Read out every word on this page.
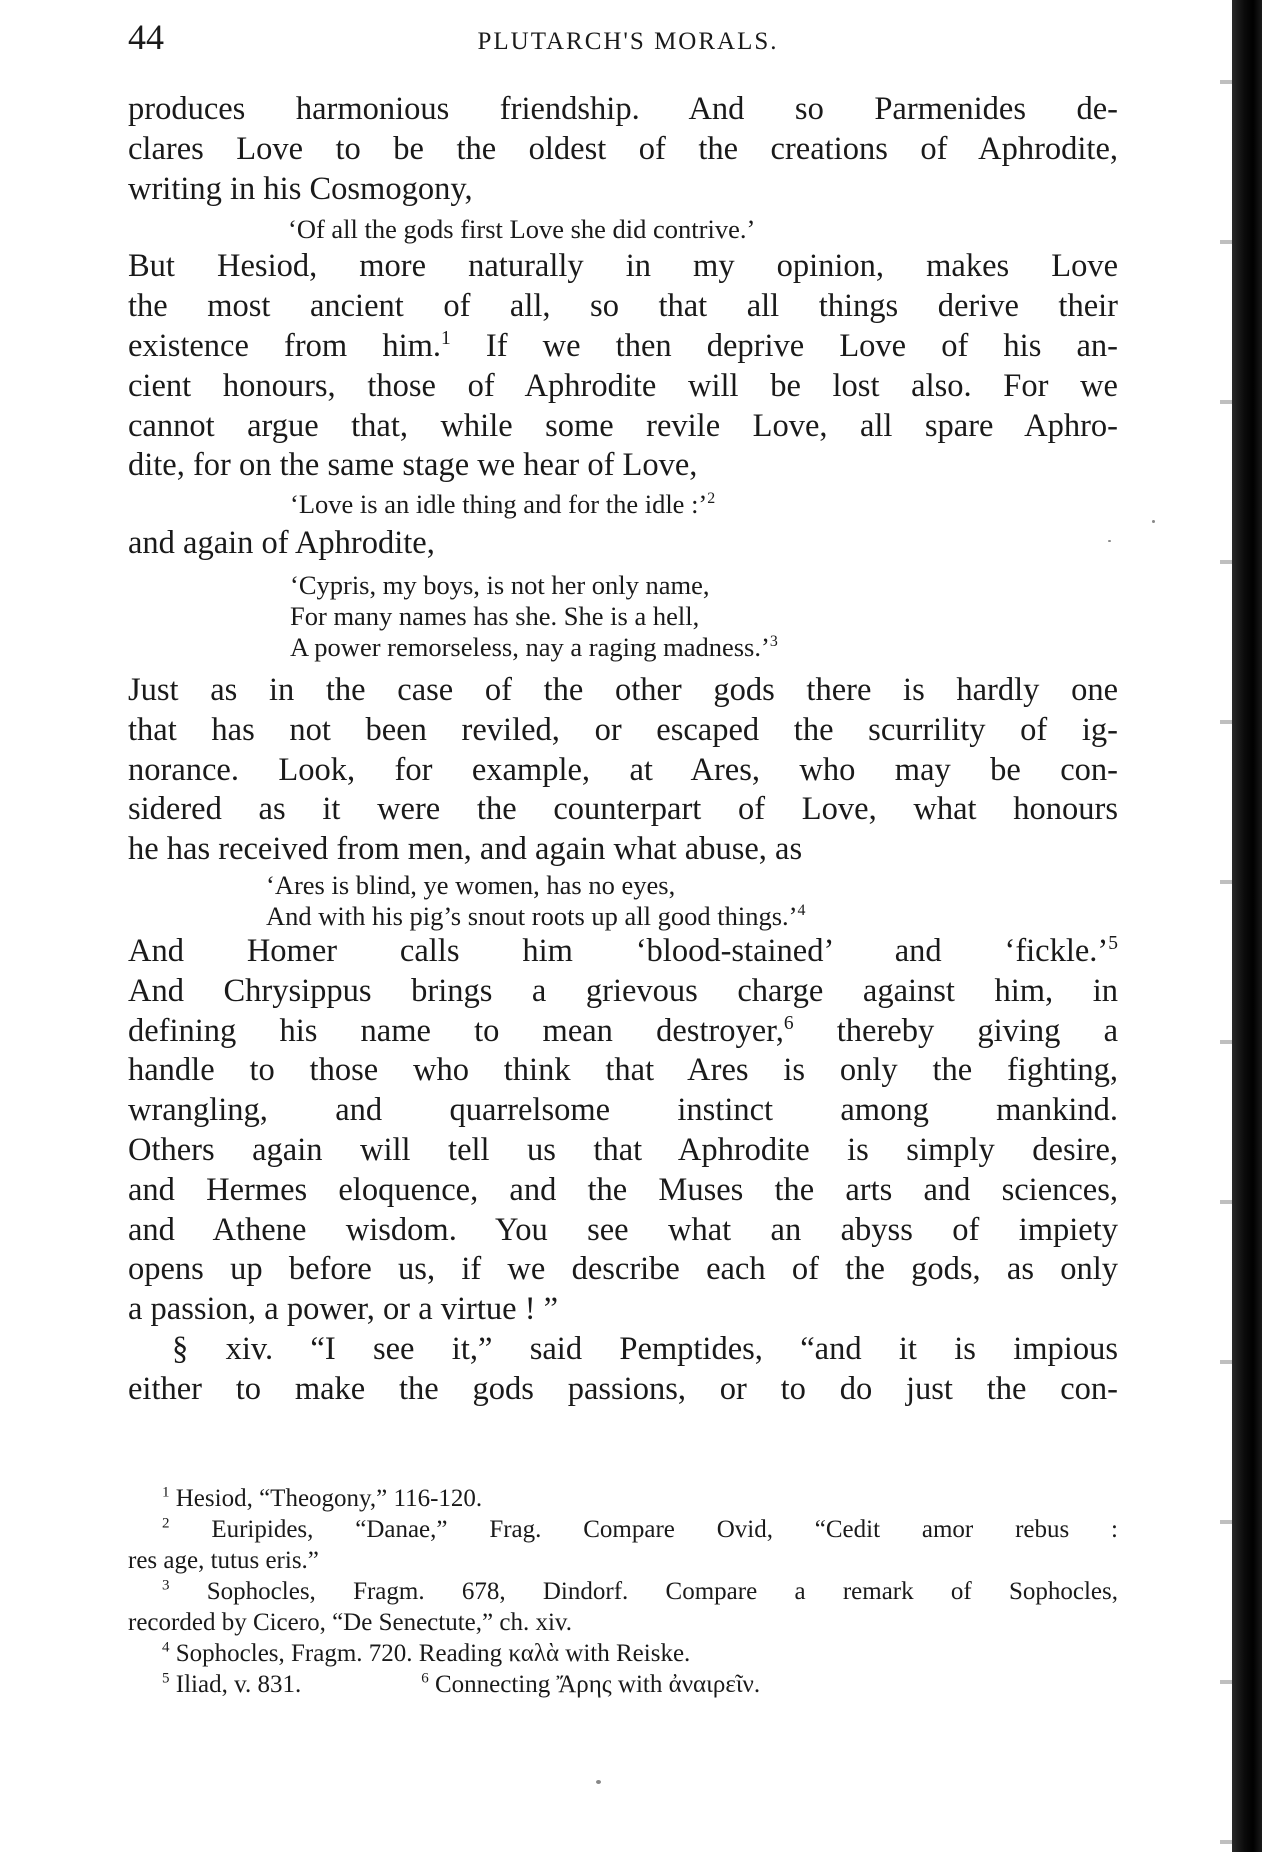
44	PLUTARCH'S MORALS.

produces harmonious friendship. And so Parmenides de-

clares Love to be the oldest of the creations of Aphrodite,

writing in his Cosmogony,

‘Of all the gods first Love she did contrive.’

But Hesiod, more naturally in my opinion, makes Love

the most ancient of all, so that all things derive their

existence from him.$^1$ If we then deprive Love of his an-

cient honours, those of Aphrodite will be lost also. For we

cannot argue that, while some revile Love, all spare Aphro-

dite, for on the same stage we hear of Love,

‘Love is an idle thing and for the idle :’$^2$

and again of Aphrodite,

‘Cypris, my boys, is not her only name,
For many names has she. She is a hell,
A power remorseless, nay a raging madness.’$^3$

Just as in the case of the other gods there is hardly one

that has not been reviled, or escaped the scurrility of ig-

norance. Look, for example, at Ares, who may be con-

sidered as it were the counterpart of Love, what honours

he has received from men, and again what abuse, as

‘Ares is blind, ye women, has no eyes,
And with his pig’s snout roots up all good things.’$^4$

And Homer calls him ‘blood-stained’ and ‘fickle.’$^5$

And Chrysippus brings a grievous charge against him, in

defining his name to mean destroyer,$^6$ thereby giving a

handle to those who think that Ares is only the fighting,

wrangling, and quarrelsome instinct among mankind.

Others again will tell us that Aphrodite is simply desire,

and Hermes eloquence, and the Muses the arts and sciences,

and Athene wisdom. You see what an abyss of impiety

opens up before us, if we describe each of the gods, as only

a passion, a power, or a virtue ! ”

§ xiv. “I see it,” said Pemptides, “and it is impious

either to make the gods passions, or to do just the con-

$^1$ Hesiod, “Theogony,” 116-120.

$^2$ Euripides, “Danae,” Frag. Compare Ovid, “Cedit amor rebus :

res age, tutus eris.”

$^3$ Sophocles, Fragm. 678, Dindorf. Compare a remark of Sophocles,

recorded by Cicero, “De Senectute,” ch. xiv.

$^4$ Sophocles, Fragm. 720. Reading καλὰ with Reiske.

$^5$ Iliad, v. 831.	$^6$ Connecting Ἄρης with ἀναιρεῖν.
